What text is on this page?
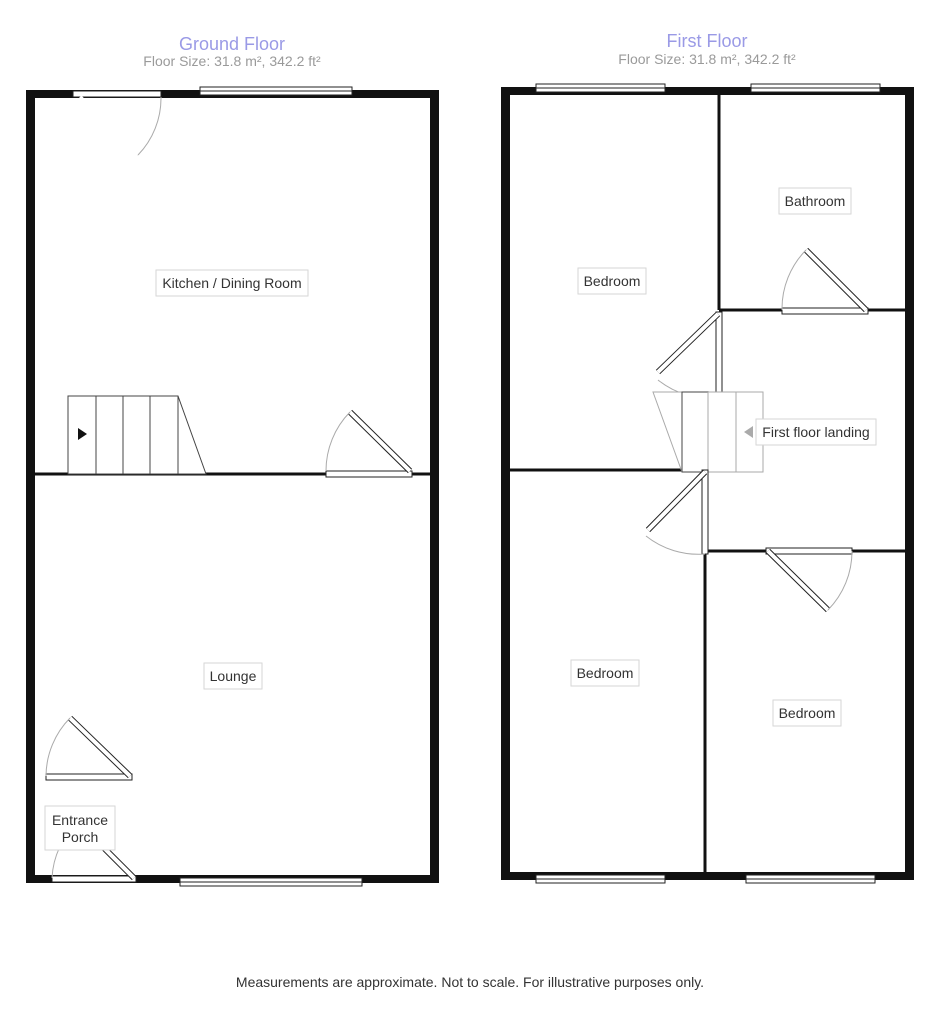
Ground Floor
Floor Size: 31.8 m², 342.2 ft²
Kitchen / Dining Room
Lounge
Entrance
Porch
First Floor
Floor Size: 31.8 m², 342.2 ft²
Bedroom
Bathroom
First floor landing
Bedroom
Bedroom
Measurements are approximate. Not to scale. For illustrative purposes only.
